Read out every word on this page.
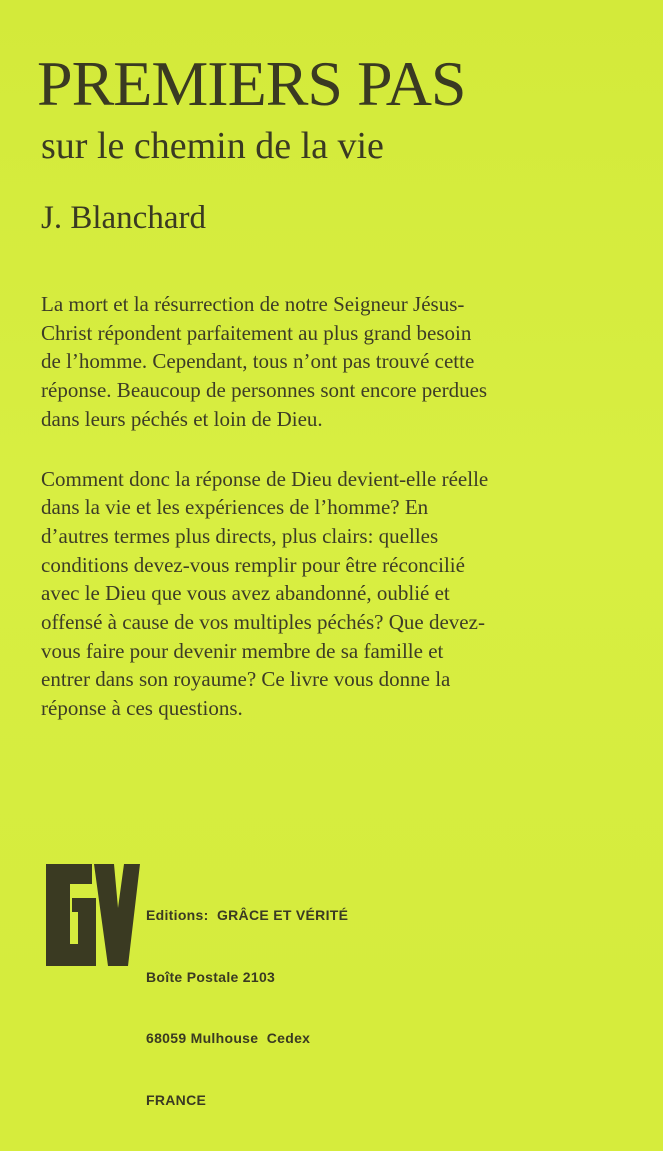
PREMIERS PAS
sur le chemin de la vie
J. Blanchard

La mort et la résurrection de notre Seigneur Jésus-
Christ répondent parfaitement au plus grand besoin
de l’homme. Cependant, tous n’ont pas trouvé cette
réponse. Beaucoup de personnes sont encore perdues
dans leurs péchés et loin de Dieu.

Comment donc la réponse de Dieu devient-elle réelle
dans la vie et les expériences de l’homme? En
d’autres termes plus directs, plus clairs: quelles
conditions devez-vous remplir pour être réconcilié
avec le Dieu que vous avez abandonné, oublié et
offensé à cause de vos multiples péchés? Que devez-
vous faire pour devenir membre de sa famille et
entrer dans son royaume? Ce livre vous donne la
réponse à ces questions.

Editions:  GRÂCE ET VÉRITÉ

Boîte Postale 2103

68059 Mulhouse  Cedex

FRANCE
